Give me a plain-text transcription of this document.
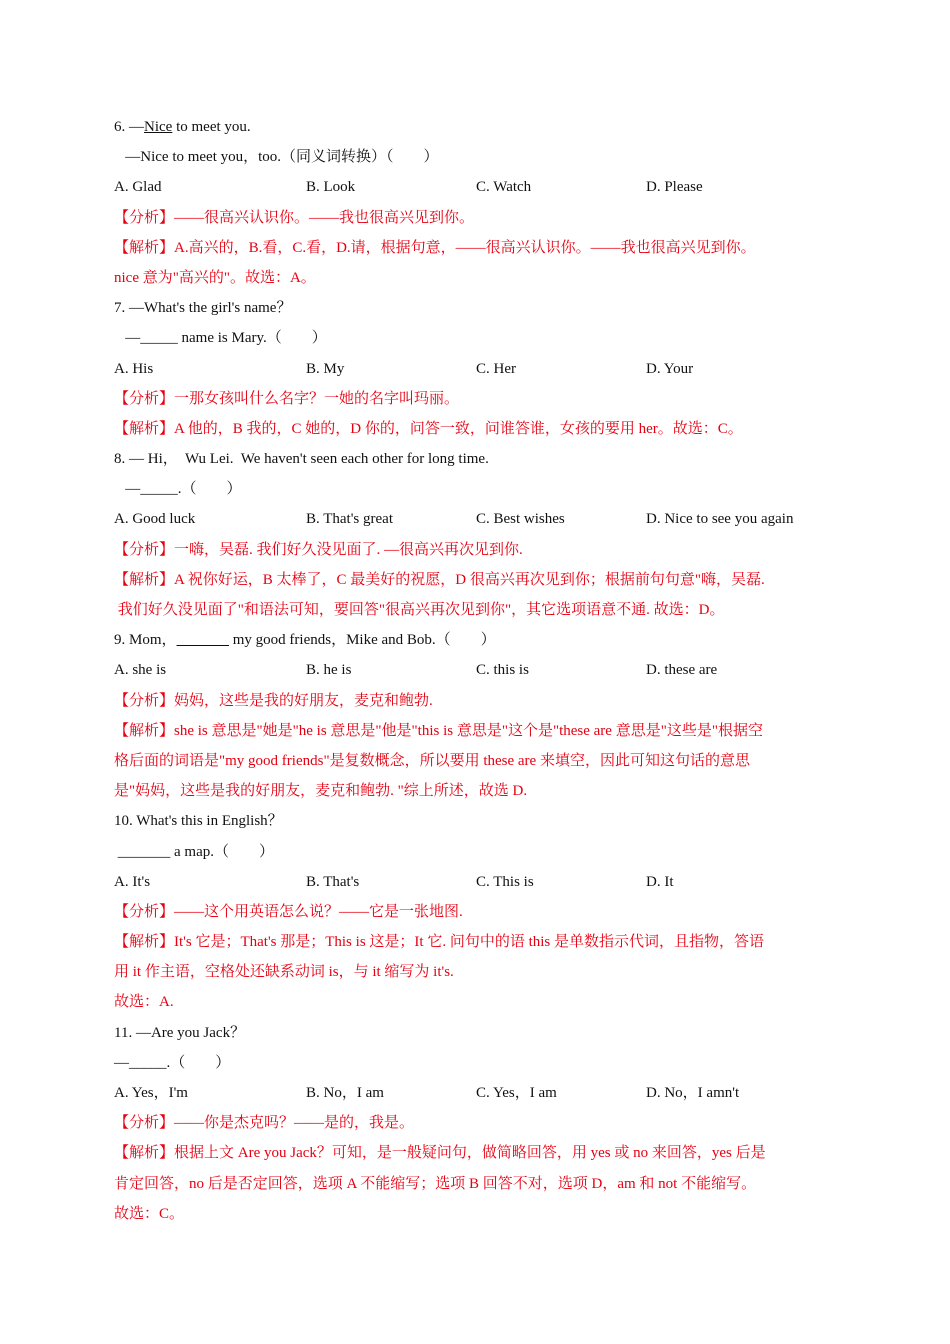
6. —Nice to meet you.
—Nice to meet you，too.（同义词转换）（　　）
A. Glad	B. Look	C. Watch	D. Please
【分析】——很高兴认识你。——我也很高兴见到你。
【解析】A.高兴的，B.看，C.看，D.请，根据句意，——很高兴认识你。——我也很高兴见到你。
nice 意为"高兴的"。故选：A。
7. —What's the girl's name？
—_____ name is Mary.（　　）
A. His	B. My	C. Her	D. Your
【分析】一那女孩叫什么名字？一她的名字叫玛丽。
【解析】A 他的，B 我的，C 她的，D 你的，问答一致，问谁答谁，女孩的要用 her。故选：C。
8. — Hi，  Wu Lei.  We haven't seen each other for long time.
—_____.（　　）
A. Good luck	B. That's great	C. Best wishes	D. Nice to see you again
【分析】一嗨，吴磊. 我们好久没见面了. —很高兴再次见到你.
【解析】A 祝你好运，B 太棒了，C 最美好的祝愿，D 很高兴再次见到你；根据前句句意"嗨，吴磊.
我们好久没见面了"和语法可知，要回答"很高兴再次见到你"，其它选项语意不通. 故选：D。
9. Mom，	my good friends，Mike and Bob.（　　）
A. she is	B. he is	C. this is	D. these are
【分析】妈妈，这些是我的好朋友，麦克和鲍勃.
【解析】she is 意思是"她是"he is 意思是"他是"this is 意思是"这个是"these are 意思是"这些是"根据空
格后面的词语是"my good friends"是复数概念，所以要用 these are 来填空，因此可知这句话的意思
是"妈妈，这些是我的好朋友，麦克和鲍勃. "综上所述，故选 D.
10. What's this in English？
_______ a map.（　　）
A. It's	B. That's	C. This is	D. It
【分析】——这个用英语怎么说？——它是一张地图.
【解析】It's 它是；That's 那是；This is 这是；It 它. 问句中的语 this 是单数指示代词，且指物，答语
用 it 作主语，空格处还缺系动词 is，与 it 缩写为 it's.
故选：A.
11. —Are you Jack？
—_____.（　　）
A. Yes，I'm	B. No，I am	C. Yes，I am	D. No，I amn't
【分析】——你是杰克吗？——是的，我是。
【解析】根据上文 Are you Jack？可知，是一般疑问句，做简略回答，用 yes 或 no 来回答，yes 后是
肯定回答，no 后是否定回答，选项 A 不能缩写；选项 B 回答不对，选项 D，am 和 not 不能缩写。
故选：C。
